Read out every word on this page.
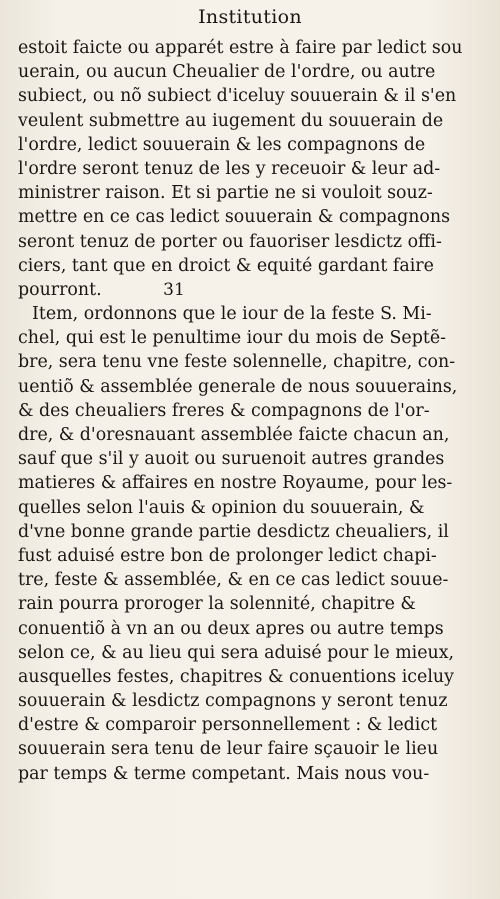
Institution
estoit faicte ou apparét estre à faire par ledict sou
uerain, ou aucun Cheualier de l'ordre, ou autre
subiect, ou nõ subiect d'iceluy souuerain & il s'en
veulent submettre au iugement du souuerain de
l'ordre, ledict souuerain & les compagnons de
l'ordre seront tenuz de les y receuoir & leur ad-
ministrer raison. Et si partie ne si vouloit souz-
mettre en ce cas ledict souuerain & compagnons
seront tenuz de porter ou fauoriser lesdictz offi-
ciers, tant que en droict & equité gardant faire
pourront.	31
Item, ordonnons que le iour de la feste S. Mi-
chel, qui est le penultime iour du mois de Septẽ-
bre, sera tenu vne feste solennelle, chapitre, con-
uentiõ & assemblée generale de nous souuerains,
& des cheualiers freres & compagnons de l'or-
dre, & d'oresnauant assemblée faicte chacun an,
sauf que s'il y auoit ou suruenoit autres grandes
matieres & affaires en nostre Royaume, pour les-
quelles selon l'auis & opinion du souuerain, &
d'vne bonne grande partie desdictz cheualiers, il
fust aduisé estre bon de prolonger ledict chapi-
tre, feste & assemblée, & en ce cas ledict souue-
rain pourra proroger la solennité, chapitre &
conuentiõ à vn an ou deux apres ou autre temps
selon ce, & au lieu qui sera aduisé pour le mieux,
ausquelles festes, chapitres & conuentions iceluy
souuerain & lesdictz compagnons y seront tenuz
d'estre & comparoir personnellement : & ledict
souuerain sera tenu de leur faire sçauoir le lieu
par temps & terme competant. Mais nous vou-
